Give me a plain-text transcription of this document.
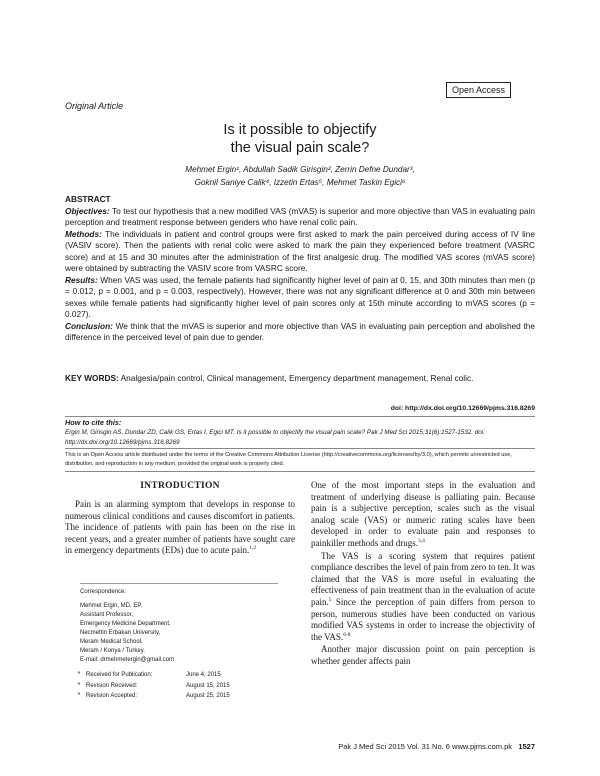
Open Access
Original Article
Is it possible to objectify
the visual pain scale?
Mehmet Ergin¹, Abdullah Sadik Girisgin², Zerrin Defne Dundar³,
Goknil Saniye Calik⁴, Izzetin Ertas⁵, Mehmet Taskin Egici⁶

ABSTRACT

Objectives: To test our hypothesis that a new modified VAS (mVAS) is superior and more objective than VAS in evaluating pain perception and treatment response between genders who have renal colic pain.

Methods: The individuals in patient and control groups were first asked to mark the pain perceived during access of IV line (VASIV score). Then the patients with renal colic were asked to mark the pain they experienced before treatment (VASRC score) and at 15 and 30 minutes after the administration of the first analgesic drug. The modified VAS scores (mVAS score) were obtained by subtracting the VASIV score from VASRC score.

Results: When VAS was used, the female patients had significantly higher level of pain at 0, 15, and 30th minutes than men (p = 0.012, p = 0.001, and p = 0.003, respectively). However, there was not any significant difference at 0 and 30th min between sexes while female patients had significantly higher level of pain scores only at 15th minute according to mVAS scores (p = 0.027).

Conclusion: We think that the mVAS is superior and more objective than VAS in evaluating pain perception and abolished the difference in the perceived level of pain due to gender.

KEY WORDS: Analgesia/pain control, Clinical management, Emergency department management, Renal colic.
doi: http://dx.doi.org/10.12669/pjms.316.8269
How to cite this:
Ergin M, Girisgin AS, Dundar ZD, Calik GS, Ertas I, Egici MT. Is it possible to objectify the visual pain scale? Pak J Med Sci 2015;31(6):1527-1532. doi: http://dx.doi.org/10.12669/pjms.316.8269
This is an Open Access article distributed under the terms of the Creative Commons Attribution License (http://creativecommons.org/licenses/by/3.0), which permits unrestricted use, distribution, and reproduction in any medium, provided the original work is properly cited.
INTRODUCTION

Pain is an alarming symptom that develops in response to numerous clinical conditions and causes discomfort in patients. The incidence of patients with pain has been on the rise in recent years, and a greater number of patients have sought care in emergency departments (EDs) due to acute pain.$^{1,2}$

Correspondence:
Mehmet Ergin, MD, EP.
Assistant Professor,
Emergency Medicine Department,
Necmettin Erbakan University,
Meram Medical School,
Meram / Konya / Turkey.
E-mail: drmehmetergin@gmail.com
* Received for Publication:	June 4, 2015
* Revision Received:	August 15, 2015
* Revision Accepted:	August 25, 2015

One of the most important steps in the evaluation and treatment of underlying disease is palliating pain. Because pain is a subjective perception, scales such as the visual analog scale (VAS) or numeric rating scales have been developed in order to evaluate pain and responses to painkiller methods and drugs.$^{3,4}$

The VAS is a scoring system that requires patient compliance describes the level of pain from zero to ten. It was claimed that the VAS is more useful in evaluating the effectiveness of pain treatment than in the evaluation of acute pain.$^5$ Since the perception of pain differs from person to person, numerous studies have been conducted on various modified VAS systems in order to increase the objectivity of the VAS.$^{6-8}$

Another major discussion point on pain perception is whether gender affects pain

Pak J Med Sci 2015 Vol. 31 No. 6 www.pjms.com.pk 1527
